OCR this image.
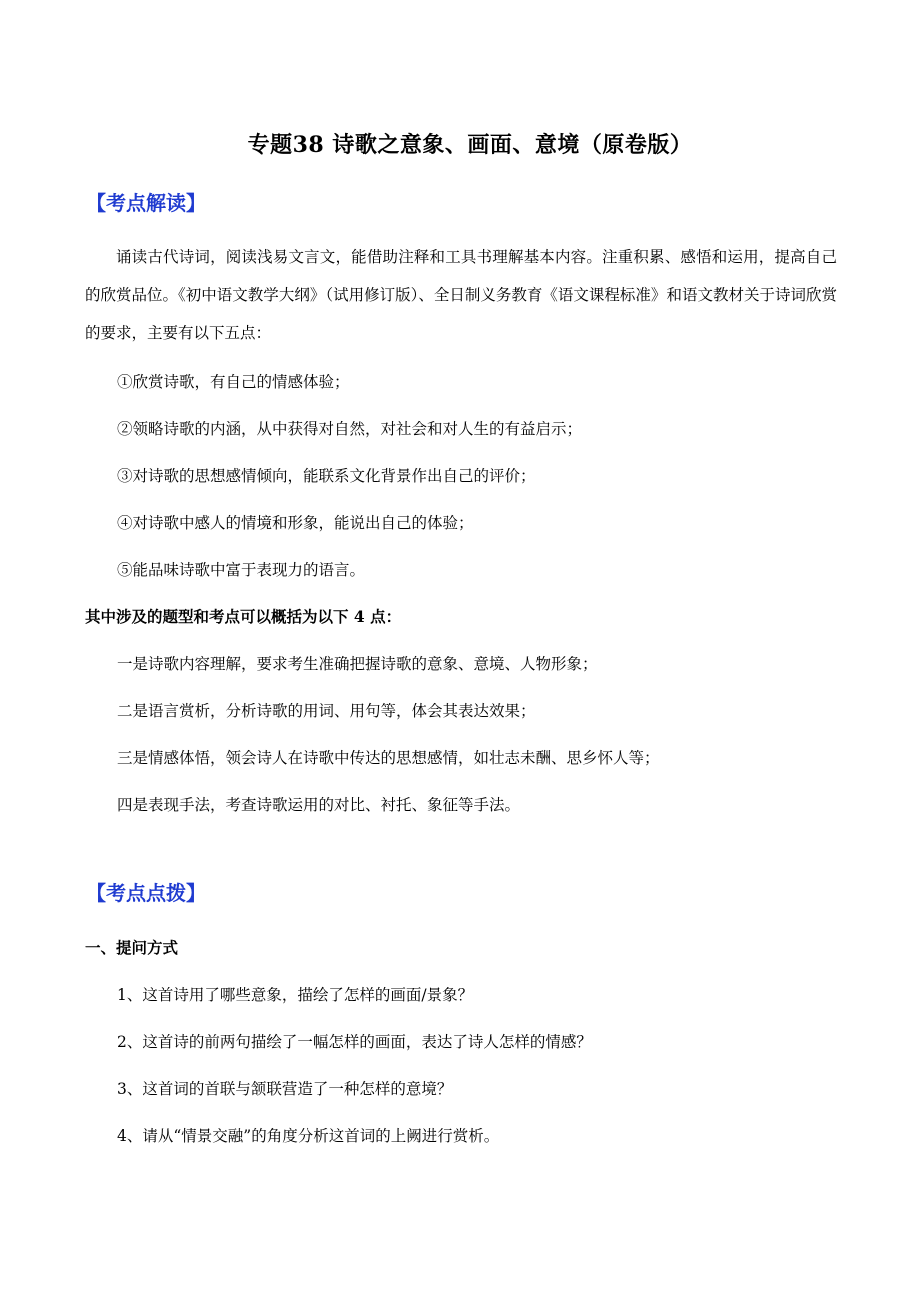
专题38 诗歌之意象、画面、意境（原卷版）
【考点解读】
诵读古代诗词，阅读浅易文言文，能借助注释和工具书理解基本内容。注重积累、感悟和运用，提高自己的欣赏品位。《初中语文教学大纲》（试用修订版）、全日制义务教育《语文课程标准》和语文教材关于诗词欣赏的要求，主要有以下五点：
①欣赏诗歌，有自己的情感体验；
②领略诗歌的内涵，从中获得对自然，对社会和对人生的有益启示；
③对诗歌的思想感情倾向，能联系文化背景作出自己的评价；
④对诗歌中感人的情境和形象，能说出自己的体验；
⑤能品味诗歌中富于表现力的语言。
其中涉及的题型和考点可以概括为以下 4 点：
一是诗歌内容理解，要求考生准确把握诗歌的意象、意境、人物形象；
二是语言赏析，分析诗歌的用词、用句等，体会其表达效果；
三是情感体悟，领会诗人在诗歌中传达的思想感情，如壮志未酬、思乡怀人等；
四是表现手法，考查诗歌运用的对比、衬托、象征等手法。
【考点点拨】
一、提问方式
1、这首诗用了哪些意象，描绘了怎样的画面/景象？
2、这首诗的前两句描绘了一幅怎样的画面，表达了诗人怎样的情感？
3、这首词的首联与颔联营造了一种怎样的意境？
4、请从“情景交融”的角度分析这首词的上阙进行赏析。
